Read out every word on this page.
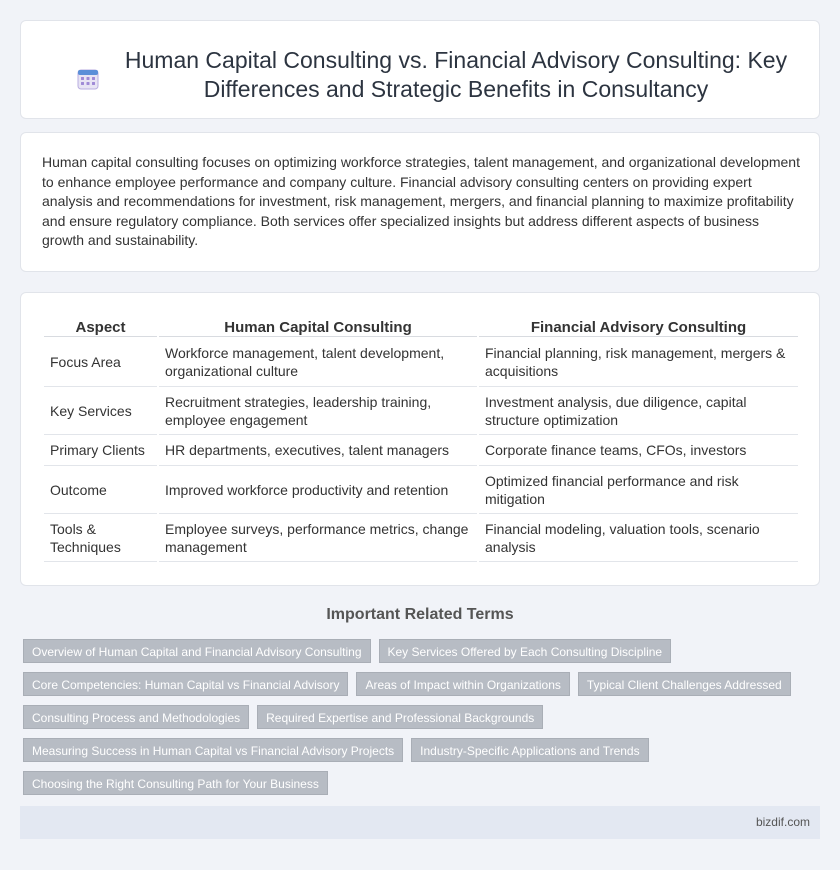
Human Capital Consulting vs. Financial Advisory Consulting: Key Differences and Strategic Benefits in Consultancy

Human capital consulting focuses on optimizing workforce strategies, talent management, and organizational development to enhance employee performance and company culture. Financial advisory consulting centers on providing expert analysis and recommendations for investment, risk management, mergers, and financial planning to maximize profitability and ensure regulatory compliance. Both services offer specialized insights but address different aspects of business growth and sustainability.

Aspect	Human Capital Consulting	Financial Advisory Consulting
Focus Area	Workforce management, talent development, organizational culture	Financial planning, risk management, mergers & acquisitions
Key Services	Recruitment strategies, leadership training, employee engagement	Investment analysis, due diligence, capital structure optimization
Primary Clients	HR departments, executives, talent managers	Corporate finance teams, CFOs, investors
Outcome	Improved workforce productivity and retention	Optimized financial performance and risk mitigation
Tools & Techniques	Employee surveys, performance metrics, change management	Financial modeling, valuation tools, scenario analysis
Important Related Terms
Overview of Human Capital and Financial Advisory Consulting	Key Services Offered by Each Consulting Discipline
Core Competencies: Human Capital vs Financial Advisory	Areas of Impact within Organizations	Typical Client Challenges Addressed
Consulting Process and Methodologies	Required Expertise and Professional Backgrounds
Measuring Success in Human Capital vs Financial Advisory Projects	Industry-Specific Applications and Trends
Choosing the Right Consulting Path for Your Business
bizdif.com
